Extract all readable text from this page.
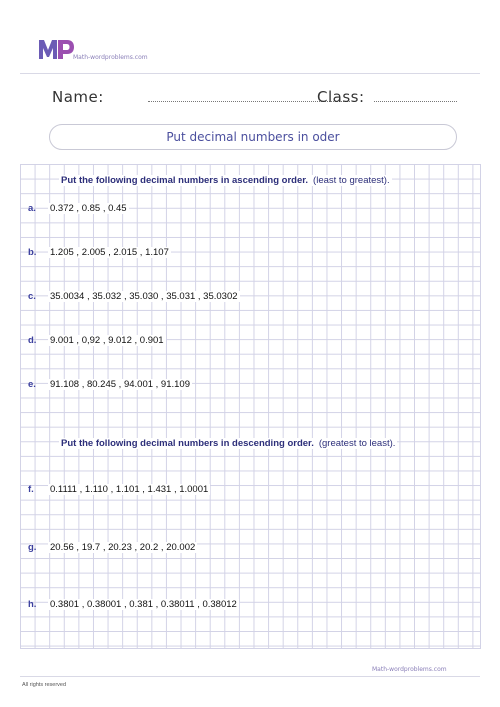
Math-wordproblems.com
Name:	Class:
Put decimal numbers in oder
Put the following decimal numbers in ascending order. (least to greatest).
a. 0.372 , 0.85 , 0.45
b. 1.205 , 2.005 , 2.015 , 1.107
c. 35.0034 , 35.032 , 35.030 , 35.031 , 35.0302
d. 9.001 , 0,92 , 9.012 , 0.901
e. 91.108 , 80.245 , 94.001 , 91.109
Put the following decimal numbers in descending order. (greatest to least).
f. 0.1111 , 1.110 , 1.101 , 1.431 , 1.0001
g. 20.56 , 19.7 , 20.23 , 20.2 , 20.002
h. 0.3801 , 0.38001 , 0.381 , 0.38011 , 0.38012
Math-wordproblems.com
All rights reserved
